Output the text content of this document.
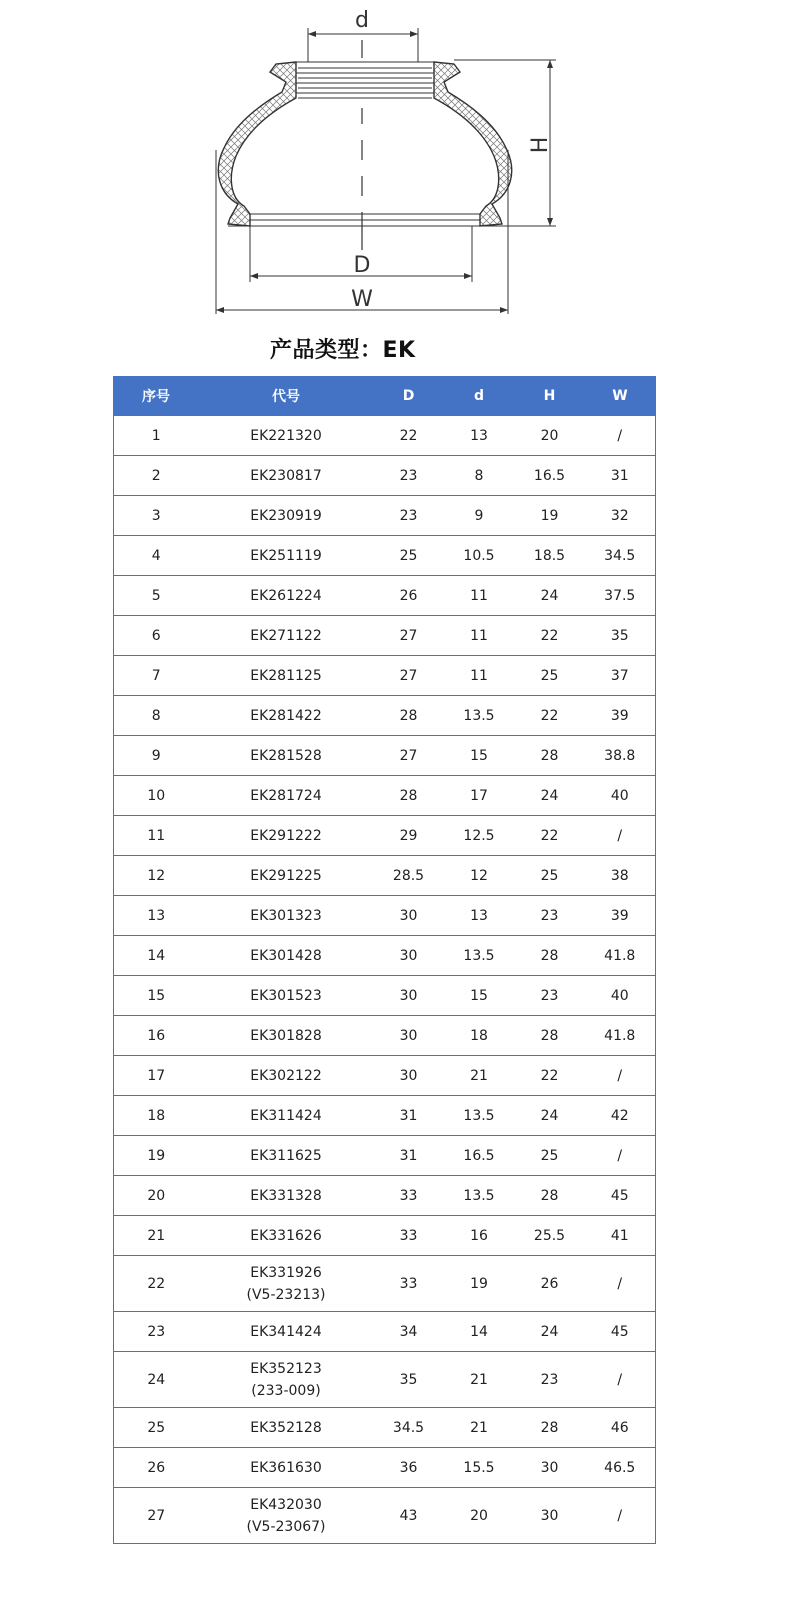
d
H
D
W
产品类型：EK
序号	代号	D	d	H	W
1	EK221320	22	13	20	/
2	EK230817	23	8	16.5	31
3	EK230919	23	9	19	32
4	EK251119	25	10.5	18.5	34.5
5	EK261224	26	11	24	37.5
6	EK271122	27	11	22	35
7	EK281125	27	11	25	37
8	EK281422	28	13.5	22	39
9	EK281528	27	15	28	38.8
10	EK281724	28	17	24	40
11	EK291222	29	12.5	22	/
12	EK291225	28.5	12	25	38
13	EK301323	30	13	23	39
14	EK301428	30	13.5	28	41.8
15	EK301523	30	15	23	40
16	EK301828	30	18	28	41.8
17	EK302122	30	21	22	/
18	EK311424	31	13.5	24	42
19	EK311625	31	16.5	25	/
20	EK331328	33	13.5	28	45
21	EK331626	33	16	25.5	41
22	EK331926
(V5-23213)	33	19	26	/
23	EK341424	34	14	24	45
24	EK352123
(233-009)	35	21	23	/
25	EK352128	34.5	21	28	46
26	EK361630	36	15.5	30	46.5
27	EK432030
(V5-23067)	43	20	30	/
